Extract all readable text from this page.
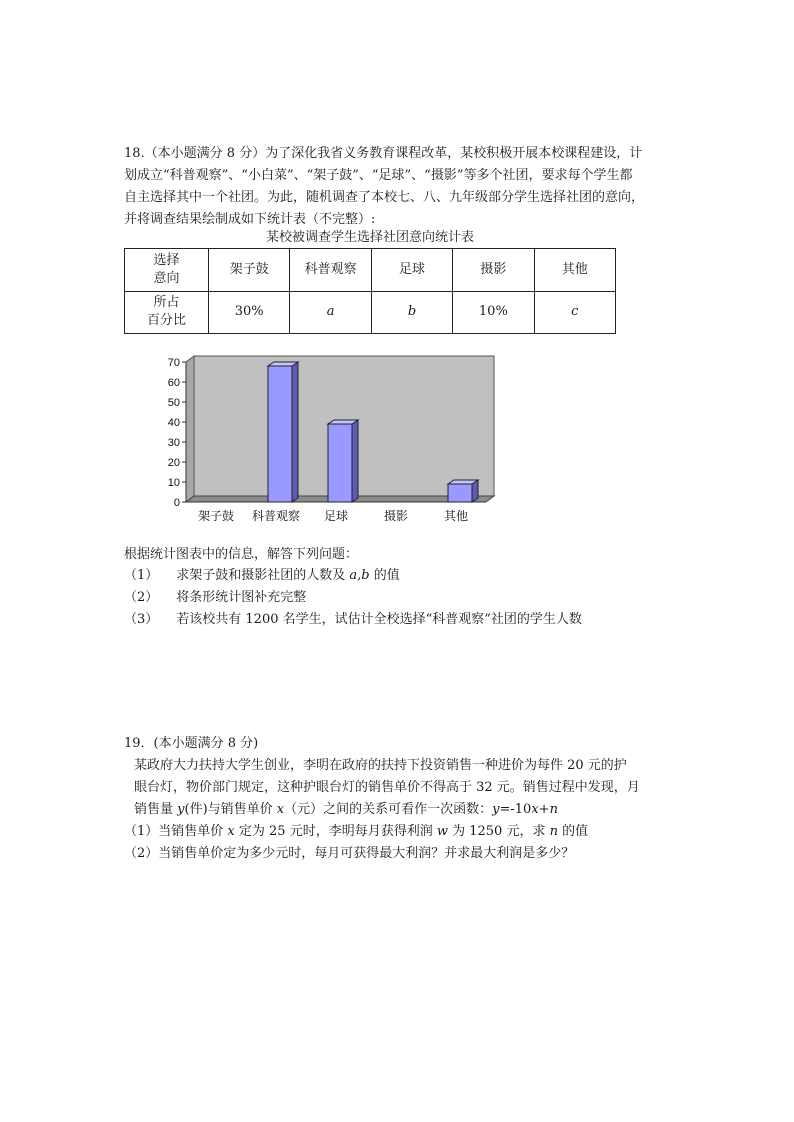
18.（本小题满分 8 分）为了深化我省义务教育课程改革，某校积极开展本校课程建设，计
划成立“科普观察”、“小白菜”、“架子鼓”、“足球”、“摄影”等多个社团，要求每个学生都
自主选择其中一个社团。为此，随机调查了本校七、八、九年级部分学生选择社团的意向，
并将调查结果绘制成如下统计表（不完整）:
某校被调查学生选择社团意向统计表
选择
意向	架子鼓	科普观察	足球	摄影	其他

所占
百分比	30%	a	b	10%	c
0
10
20
30
40
50
60
70
架子鼓 科普观察 足球	摄影	其他
根据统计图表中的信息，解答下列问题：
（1） 求架子鼓和摄影社团的人数及 a,b 的值
（2） 将条形统计图补充完整
（3） 若该校共有 1200 名学生，试估计全校选择“科普观察”社团的学生人数
19．(本小题满分 8 分)
某政府大力扶持大学生创业，李明在政府的扶持下投资销售一种进价为每件 20 元的护
眼台灯，物价部门规定，这种护眼台灯的销售单价不得高于 32 元。销售过程中发现，月
销售量 y(件)与销售单价 x（元）之间的关系可看作一次函数：y=-10x+n
（1）当销售单价 x 定为 25 元时，李明每月获得利润 w 为 1250 元，求 n 的值
（2）当销售单价定为多少元时，每月可获得最大利润？并求最大利润是多少？
